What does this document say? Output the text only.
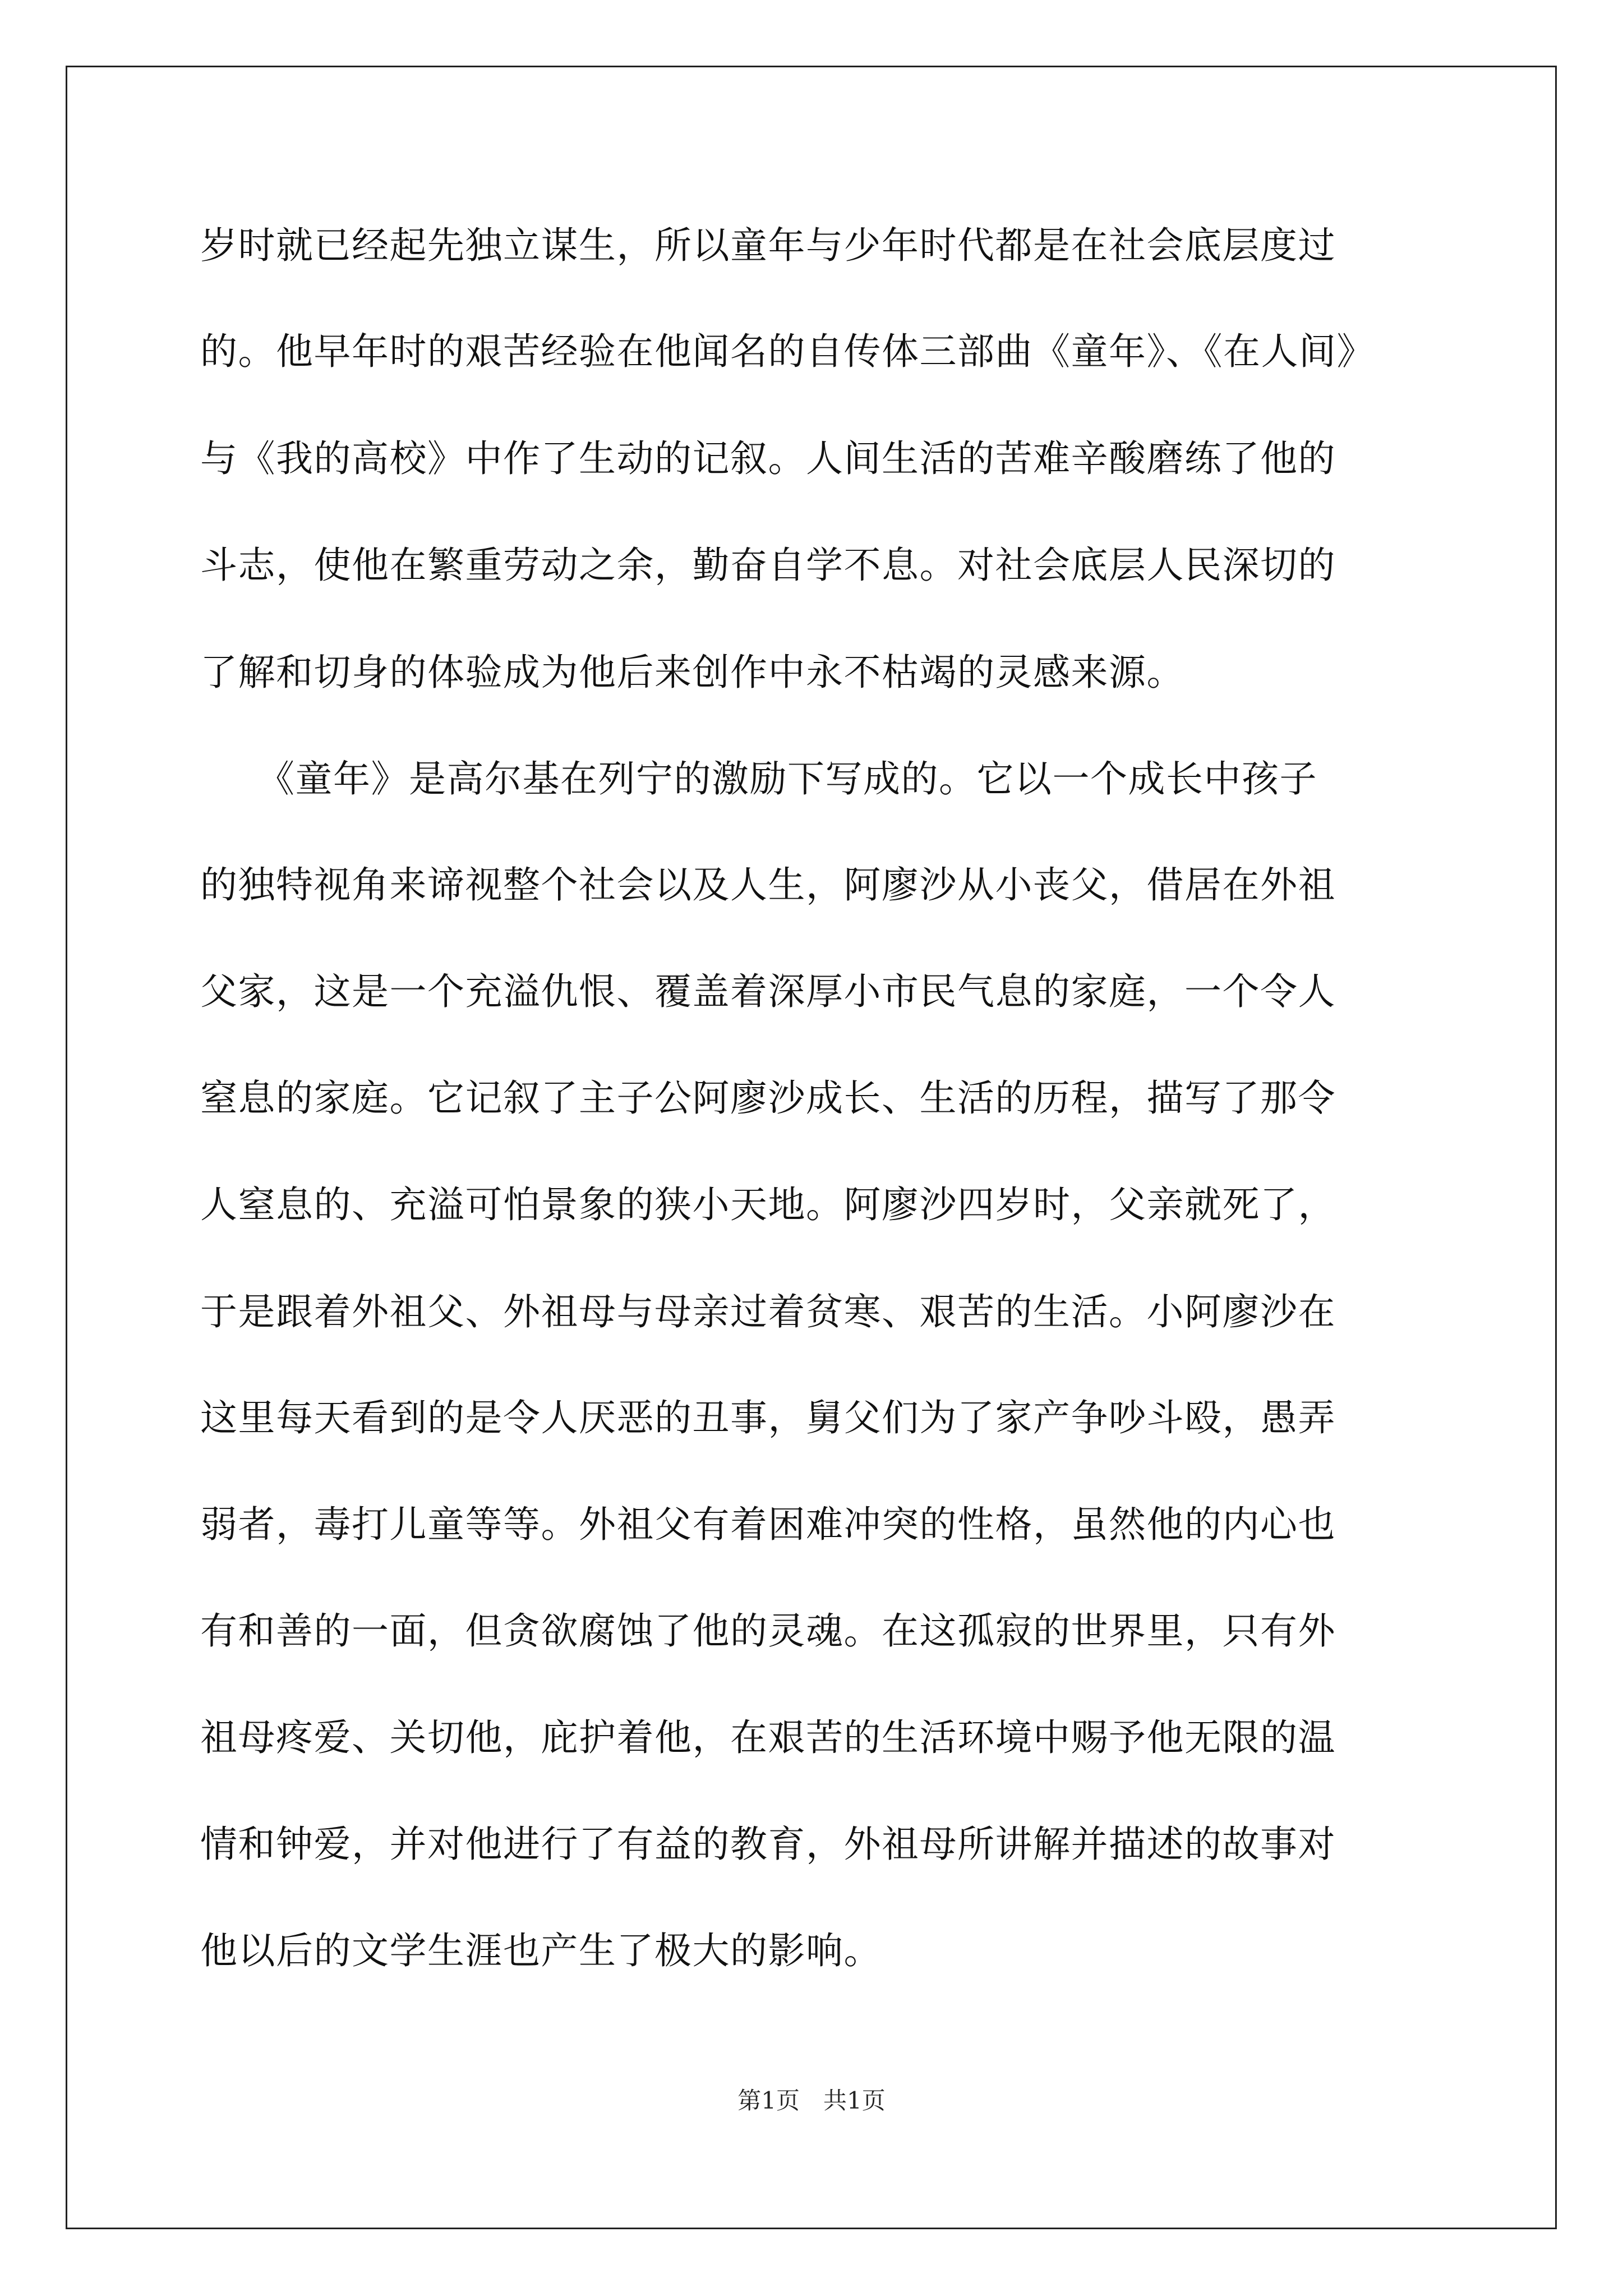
岁时就已经起先独立谋生，所以童年与少年时代都是在社会底层度过
的。他早年时的艰苦经验在他闻名的自传体三部曲《童年》、《在人间》
与《我的高校》中作了生动的记叙。人间生活的苦难辛酸磨练了他的
斗志，使他在繁重劳动之余，勤奋自学不息。对社会底层人民深切的
了解和切身的体验成为他后来创作中永不枯竭的灵感来源。
　　《童年》是高尔基在列宁的激励下写成的。它以一个成长中孩子
的独特视角来谛视整个社会以及人生，阿廖沙从小丧父，借居在外祖
父家，这是一个充溢仇恨、覆盖着深厚小市民气息的家庭，一个令人
窒息的家庭。它记叙了主子公阿廖沙成长、生活的历程，描写了那令
人窒息的、充溢可怕景象的狭小天地。阿廖沙四岁时，父亲就死了，
于是跟着外祖父、外祖母与母亲过着贫寒、艰苦的生活。小阿廖沙在
这里每天看到的是令人厌恶的丑事，舅父们为了家产争吵斗殴，愚弄
弱者，毒打儿童等等。外祖父有着困难冲突的性格，虽然他的内心也
有和善的一面，但贪欲腐蚀了他的灵魂。在这孤寂的世界里，只有外
祖母疼爱、关切他，庇护着他，在艰苦的生活环境中赐予他无限的温
情和钟爱，并对他进行了有益的教育，外祖母所讲解并描述的故事对
他以后的文学生涯也产生了极大的影响。
第1页　共1页
